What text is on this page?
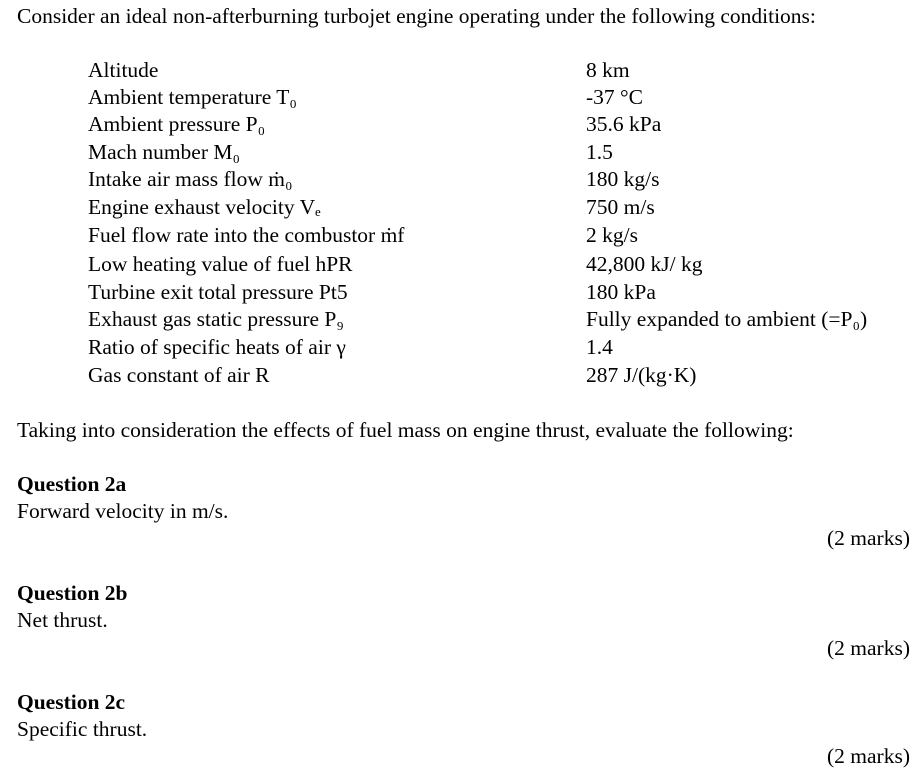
Consider an ideal non-afterburning turbojet engine operating under the following conditions:
Altitude	8 km
Ambient temperature T₀	-37 °C
Ambient pressure P₀	35.6 kPa
Mach number M₀	1.5
Intake air mass flow ṁ₀	180 kg/s
Engine exhaust velocity Vₑ	750 m/s
Fuel flow rate into the combustor ṁf	2 kg/s
Low heating value of fuel hPR	42,800 kJ/ kg
Turbine exit total pressure Pt5	180 kPa
Exhaust gas static pressure P₉	Fully expanded to ambient (=P₀)
Ratio of specific heats of air γ	1.4
Gas constant of air R	287 J/(kg·K)
Taking into consideration the effects of fuel mass on engine thrust, evaluate the following:
Question 2a
Forward velocity in m/s.
(2 marks)
Question 2b
Net thrust.
(2 marks)
Question 2c
Specific thrust.
(2 marks)
